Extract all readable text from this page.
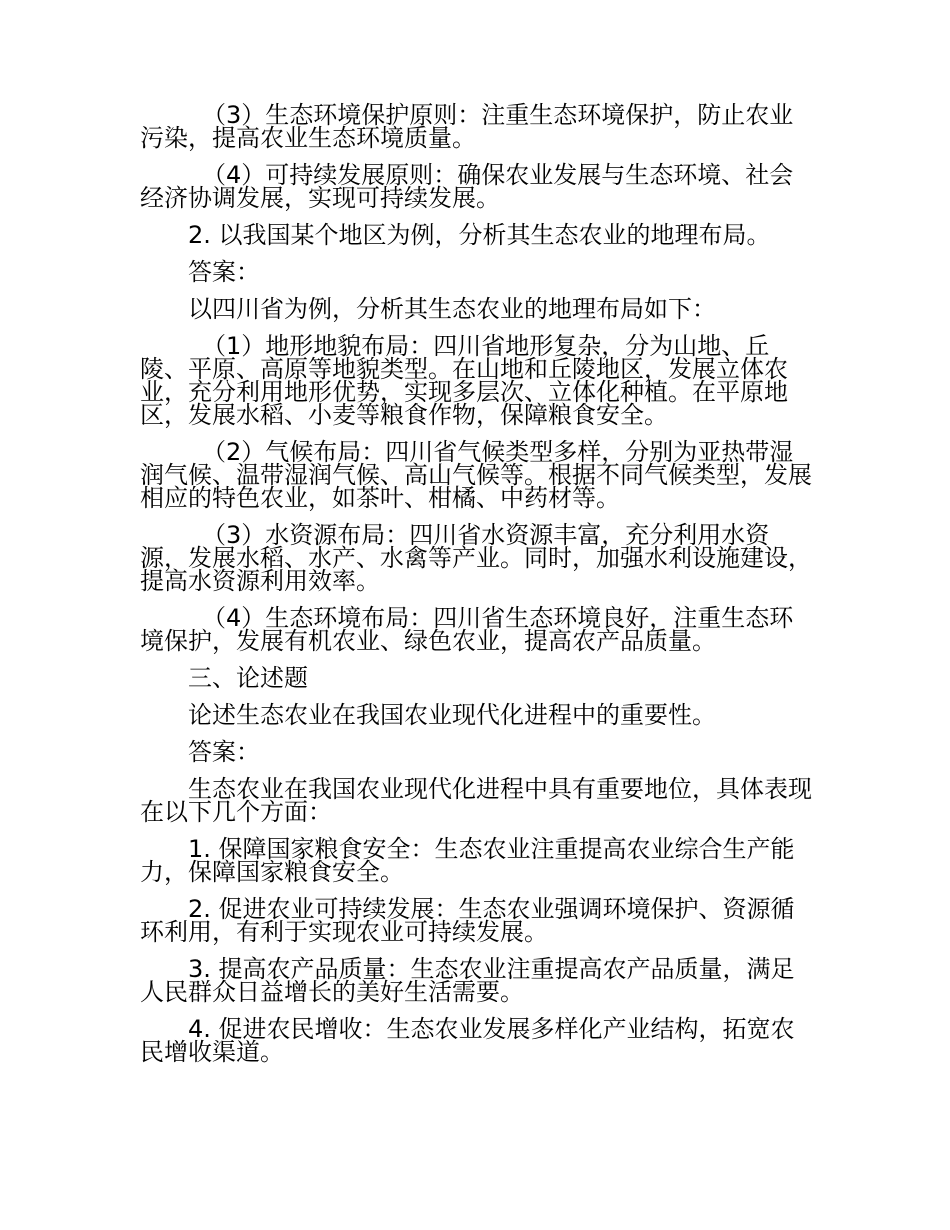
（3）生态环境保护原则：注重生态环境保护，防止农业污染，提高农业生态环境质量。

（4）可持续发展原则：确保农业发展与生态环境、社会经济协调发展，实现可持续发展。

2. 以我国某个地区为例，分析其生态农业的地理布局。

答案：

以四川省为例，分析其生态农业的地理布局如下：

（1）地形地貌布局：四川省地形复杂，分为山地、丘陵、平原、高原等地貌类型。在山地和丘陵地区，发展立体农业，充分利用地形优势，实现多层次、立体化种植。在平原地区，发展水稻、小麦等粮食作物，保障粮食安全。

（2）气候布局：四川省气候类型多样，分别为亚热带湿润气候、温带湿润气候、高山气候等。根据不同气候类型，发展相应的特色农业，如茶叶、柑橘、中药材等。

（3）水资源布局：四川省水资源丰富，充分利用水资源，发展水稻、水产、水禽等产业。同时，加强水利设施建设，提高水资源利用效率。

（4）生态环境布局：四川省生态环境良好，注重生态环境保护，发展有机农业、绿色农业，提高农产品质量。

三、论述题

论述生态农业在我国农业现代化进程中的重要性。

答案：

生态农业在我国农业现代化进程中具有重要地位，具体表现在以下几个方面：

1. 保障国家粮食安全：生态农业注重提高农业综合生产能力，保障国家粮食安全。

2. 促进农业可持续发展：生态农业强调环境保护、资源循环利用，有利于实现农业可持续发展。

3. 提高农产品质量：生态农业注重提高农产品质量，满足人民群众日益增长的美好生活需要。

4. 促进农民增收：生态农业发展多样化产业结构，拓宽农民增收渠道。
